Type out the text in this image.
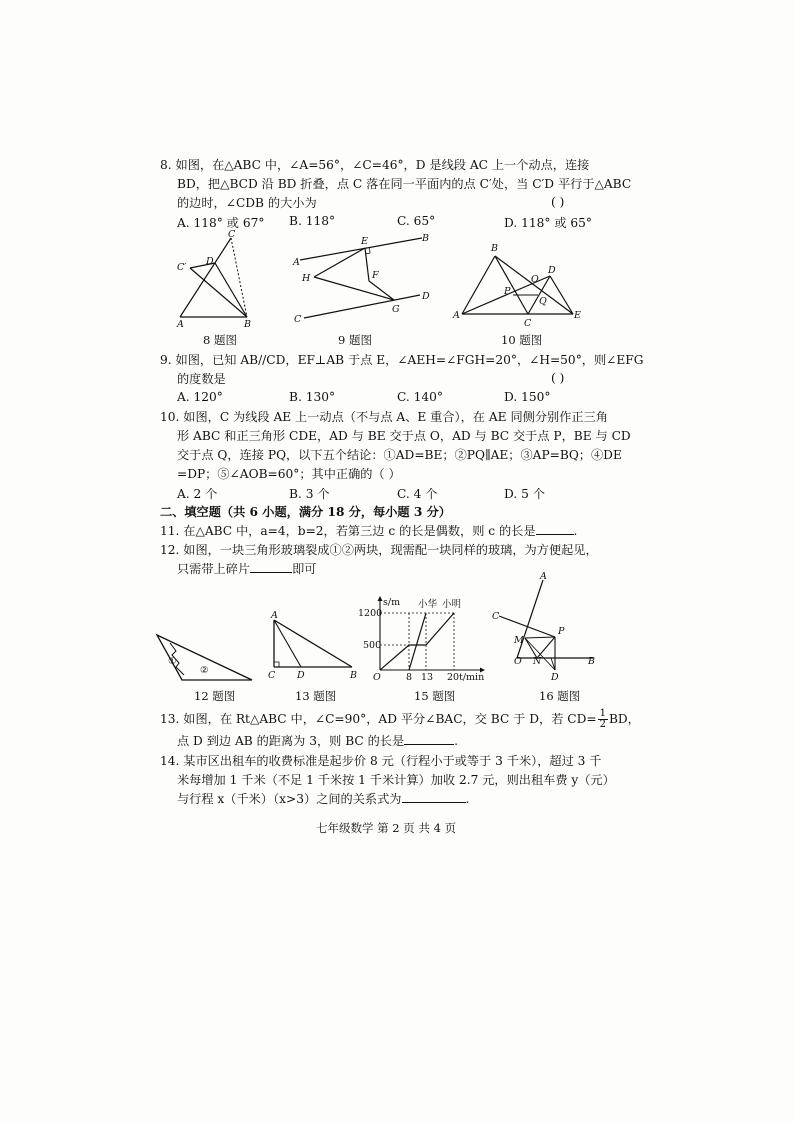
8. 如图，在△ABC 中，∠A=56°，∠C=46°，D 是线段 AC 上一个动点，连接
BD，把△BCD 沿 BD 折叠，点 C 落在同一平面内的点 C′处，当 C′D 平行于△ABC
的边时，∠CDB 的大小为	( )
A. 118° 或 67° B. 118°	C. 65°	D. 118° 或 65°
C
C′
D
A	B
8 题图
E	B
A
H	F
G
D
C
9 题图
B
D
O
P
Q
A
C
E
10 题图
9. 如图，已知 AB//CD，EF⊥AB 于点 E，∠AEH=∠FGH=20°，∠H=50°，则∠EFG
的度数是	( )
A. 120°	B. 130°	C. 140°	D. 150°
10. 如图，C 为线段 AE 上一动点（不与点 A、E 重合），在 AE 同侧分别作正三角
形 ABC 和正三角形 CDE，AD 与 BE 交于点 O，AD 与 BC 交于点 P，BE 与 CD
交于点 Q，连接 PQ，以下五个结论：①AD=BE；②PQ∥AE；③AP=BQ；④DE
=DP；⑤∠AOB=60°；其中正确的（ ）
A. 2 个	B. 3 个	C. 4 个	D. 5 个
二、填空题（共 6 小题，满分 18 分，每小题 3 分）
11. 在△ABC 中，a=4，b=2，若第三边 c 的长是偶数，则 c 的长是	.
12. 如图，一块三角形玻璃裂成①②两块，现需配一块同样的玻璃，为方便起见，
只需带上碎片	即可
①
②
12 题图
A
C D	B
13 题图
s/m 小华 小明
1200
500
O	8 13 20 t/min
15 题图
A
C
P
M
O N	B
D
16 题图
13. 如图，在 Rt△ABC 中，∠C=90°，AD 平分∠BAC，交 BC 于 D，若 $CD= \frac{1}{2}$ BD，
点 D 到边 AB 的距离为 3，则 BC 的长是	.
14. 某市区出租车的收费标准是起步价 8 元（行程小于或等于 3 千米），超过 3 千
米每增加 1 千米（不足 1 千米按 1 千米计算）加收 2.7 元，则出租车费 y（元）
与行程 x（千米）（x>3）之间的关系式为	.
七年级数学 第 2 页 共 4 页
